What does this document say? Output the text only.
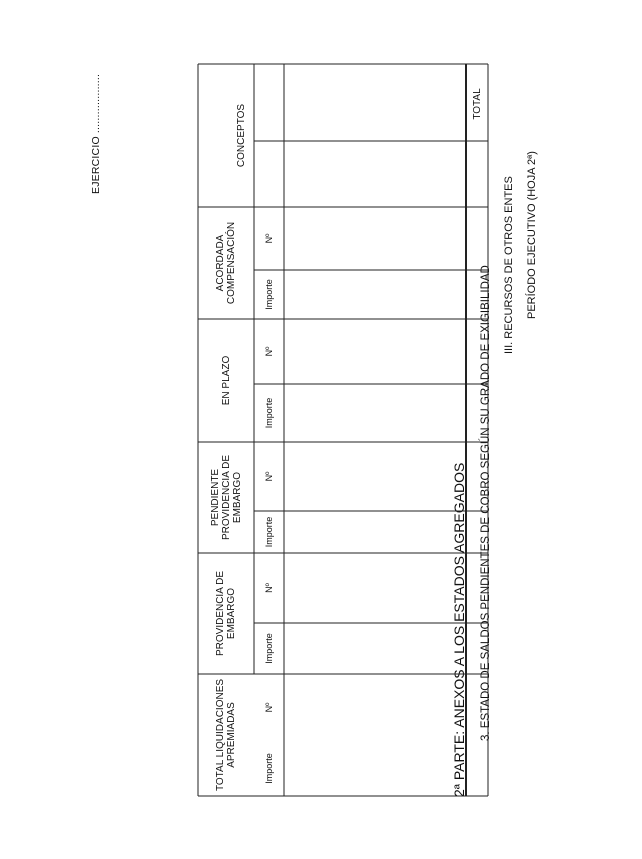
2ª PARTE: ANEXOS A LOS ESTADOS AGREGADOS
EJERCICIO ...................
3. ESTADO DE SALDOS PENDIENTES DE COBRO SEGÚN SU GRADO DE EXIGIBILIDAD
III. RECURSOS DE OTROS ENTES PERÍODO EJECUTIVO (HOJA 2ª)
CONCEPTOS
ACORDADA COMPENSACIÓN
EN PLAZO
PENDIENTE PROVIDENCIA DE EMBARGO
PROVIDENCIA DE EMBARGO
TOTAL LIQUIDACIONES APREMIADAS
Nº
Importe
Nº
Importe
Nº
Importe
Nº
Importe
Nº
Importe
TOTAL
